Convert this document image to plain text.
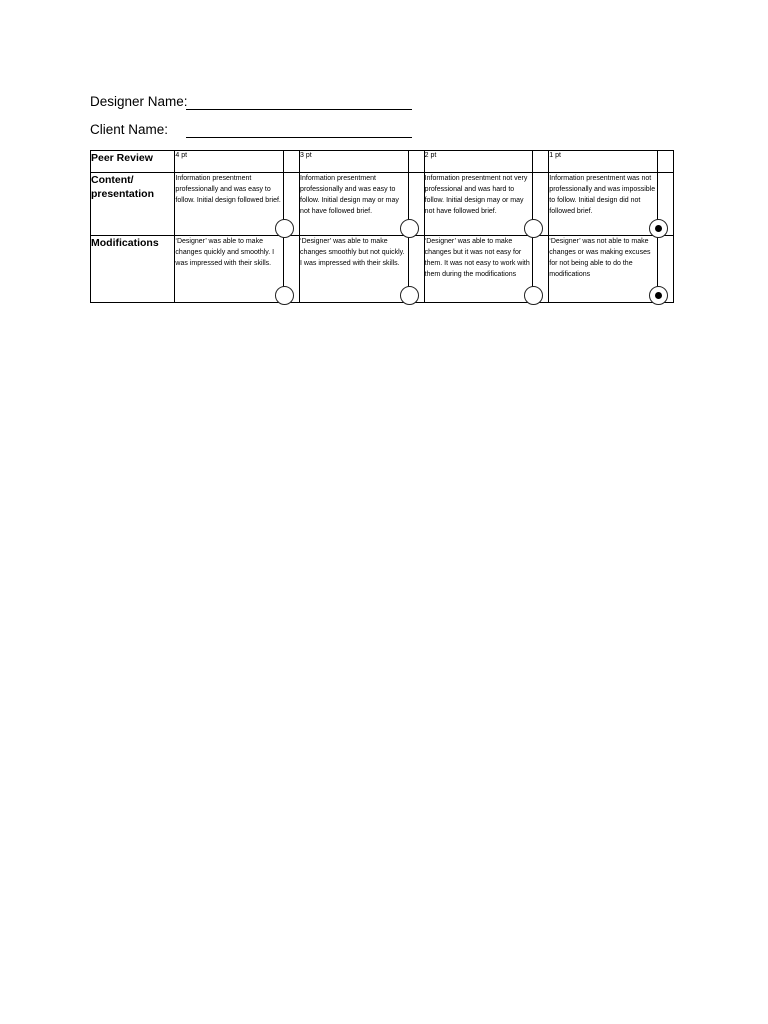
Designer Name:
Client Name:
Peer Review	4 pt		3 pt		2 pt		1 pt	
Content/ presentation	Information presentment professionally and was easy to follow. Initial design followed brief.		Information presentment professionally and was easy to follow. Initial design may or may not have followed brief.		Information presentment not very professional and was hard to follow. Initial design may or may not have followed brief.		Information presentment was not professionally and was impossible to follow. Initial design did not followed brief.	

Modifications	‘Designer’ was able to make changes quickly and smoothly. I was impressed with their skills.		‘Designer’ was able to make changes smoothly but not quickly. I was impressed with their skills.		‘Designer’ was able to make changes but it was not easy for them. It was not easy to work with them during the modifications		‘Designer’ was not able to make changes or was making excuses for not being able to do the modifications	
